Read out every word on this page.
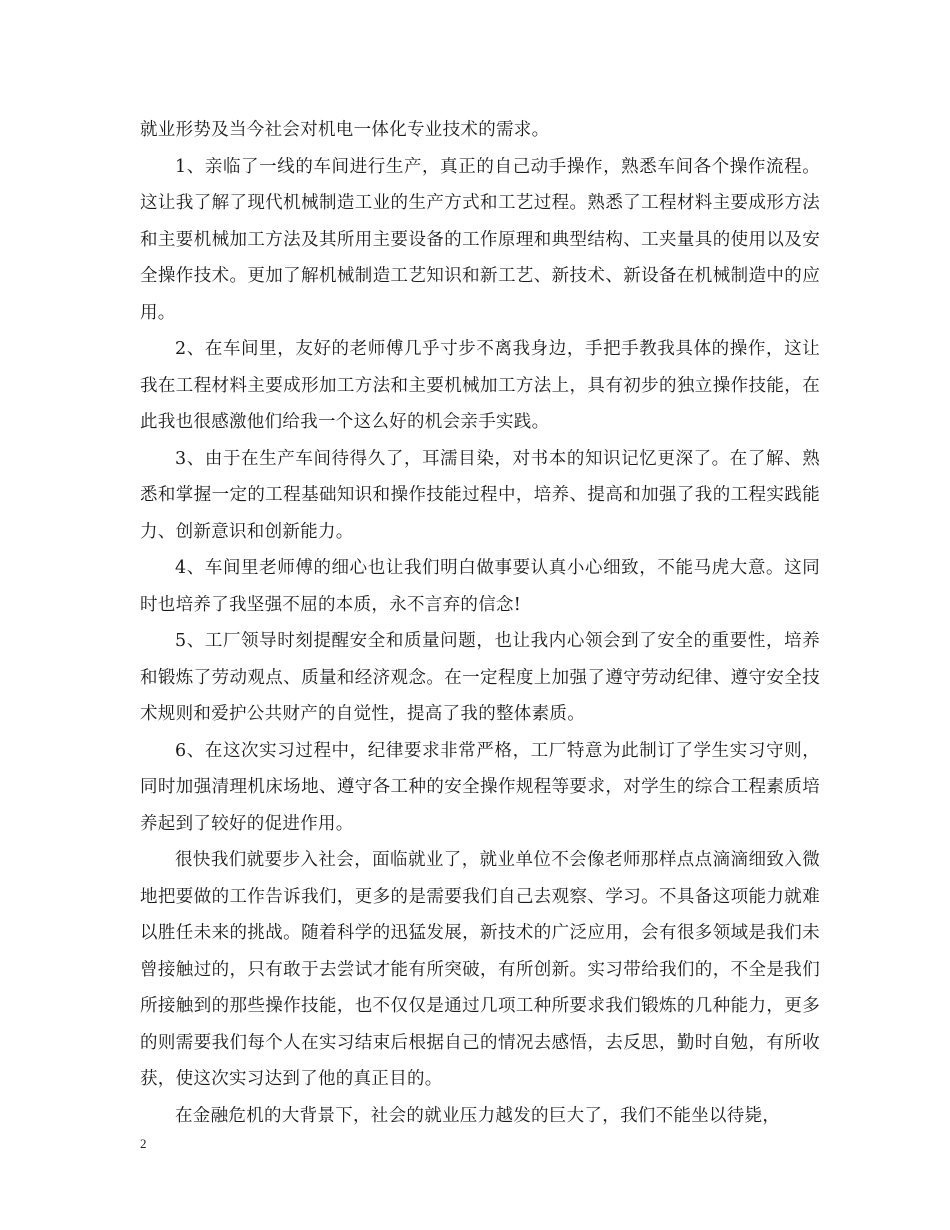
就业形势及当今社会对机电一体化专业技术的需求。

1、亲临了一线的车间进行生产，真正的自己动手操作，熟悉车间各个操作流程。这让我了解了现代机械制造工业的生产方式和工艺过程。熟悉了工程材料主要成形方法和主要机械加工方法及其所用主要设备的工作原理和典型结构、工夹量具的使用以及安全操作技术。更加了解机械制造工艺知识和新工艺、新技术、新设备在机械制造中的应用。

2、在车间里，友好的老师傅几乎寸步不离我身边，手把手教我具体的操作，这让我在工程材料主要成形加工方法和主要机械加工方法上，具有初步的独立操作技能，在此我也很感激他们给我一个这么好的机会亲手实践。

3、由于在生产车间待得久了，耳濡目染，对书本的知识记忆更深了。在了解、熟悉和掌握一定的工程基础知识和操作技能过程中，培养、提高和加强了我的工程实践能力、创新意识和创新能力。

4、车间里老师傅的细心也让我们明白做事要认真小心细致，不能马虎大意。这同时也培养了我坚强不屈的本质，永不言弃的信念!

5、工厂领导时刻提醒安全和质量问题，也让我内心领会到了安全的重要性，培养和锻炼了劳动观点、质量和经济观念。在一定程度上加强了遵守劳动纪律、遵守安全技术规则和爱护公共财产的自觉性，提高了我的整体素质。

6、在这次实习过程中，纪律要求非常严格，工厂特意为此制订了学生实习守则，同时加强清理机床场地、遵守各工种的安全操作规程等要求，对学生的综合工程素质培养起到了较好的促进作用。

很快我们就要步入社会，面临就业了，就业单位不会像老师那样点点滴滴细致入微地把要做的工作告诉我们，更多的是需要我们自己去观察、学习。不具备这项能力就难以胜任未来的挑战。随着科学的迅猛发展，新技术的广泛应用，会有很多领域是我们未曾接触过的，只有敢于去尝试才能有所突破，有所创新。实习带给我们的，不全是我们所接触到的那些操作技能，也不仅仅是通过几项工种所要求我们锻炼的几种能力，更多的则需要我们每个人在实习结束后根据自己的情况去感悟，去反思，勤时自勉，有所收获，使这次实习达到了他的真正目的。

在金融危机的大背景下，社会的就业压力越发的巨大了，我们不能坐以待毙，

2
